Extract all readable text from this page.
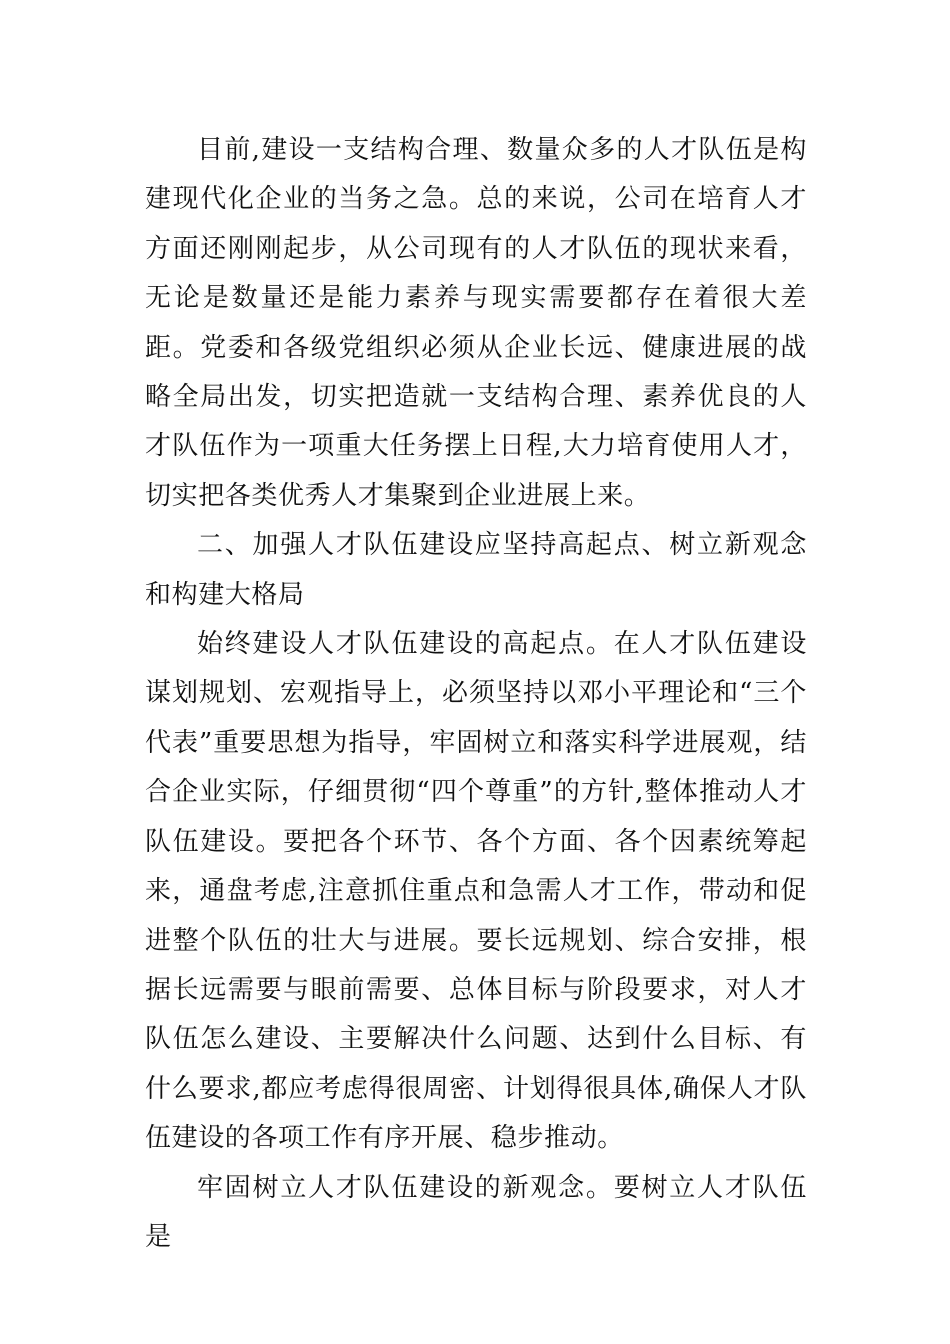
目前,建设一支结构合理、数量众多的人才队伍是构建现代化企业的当务之急。总的来说，公司在培育人才方面还刚刚起步，从公司现有的人才队伍的现状来看，无论是数量还是能力素养与现实需要都存在着很大差距。党委和各级党组织必须从企业长远、健康进展的战略全局出发，切实把造就一支结构合理、素养优良的人才队伍作为一项重大任务摆上日程,大力培育使用人才，切实把各类优秀人才集聚到企业进展上来。

二、加强人才队伍建设应坚持高起点、树立新观念和构建大格局

始终建设人才队伍建设的高起点。在人才队伍建设谋划规划、宏观指导上，必须坚持以邓小平理论和“三个代表”重要思想为指导，牢固树立和落实科学进展观，结合企业实际，仔细贯彻“四个尊重”的方针,整体推动人才队伍建设。要把各个环节、各个方面、各个因素统筹起来，通盘考虑,注意抓住重点和急需人才工作，带动和促进整个队伍的壮大与进展。要长远规划、综合安排，根据长远需要与眼前需要、总体目标与阶段要求，对人才队伍怎么建设、主要解决什么问题、达到什么目标、有什么要求,都应考虑得很周密、计划得很具体,确保人才队伍建设的各项工作有序开展、稳步推动。

牢固树立人才队伍建设的新观念。要树立人才队伍是
